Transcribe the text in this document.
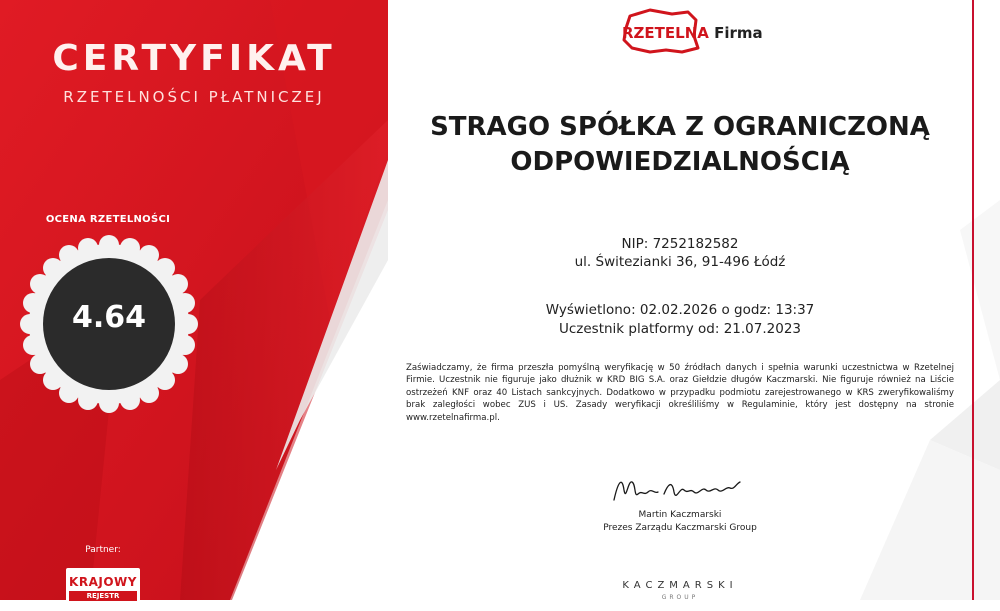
CERTYFIKAT
RZETELNOŚCI PŁATNICZEJ
OCENA RZETELNOŚCI
4.64
Partner:
KRAJOWY
REJESTR DŁUGÓW
RZETELNA Firma
STRAGO SPÓŁKA Z OGRANICZONĄ
ODPOWIEDZIALNOŚCIĄ
NIP: 7252182582
ul. Świtezianki 36, 91-496 Łódź
Wyświetlono: 02.02.2026 o godz: 13:37
Uczestnik platformy od: 21.07.2023
Zaświadczamy, że firma przeszła pomyślną weryfikację w 50 źródłach danych i spełnia warunki uczestnictwa w Rzetelnej Firmie. Uczestnik nie figuruje jako dłużnik w KRD BIG S.A. oraz Giełdzie długów Kaczmarski. Nie figuruje również na Liście ostrzeżeń KNF oraz 40 Listach sankcyjnych. Dodatkowo w przypadku podmiotu zarejestrowanego w KRS zweryfikowaliśmy brak zaległości wobec ZUS i US. Zasady weryfikacji określiliśmy w Regulaminie, który jest dostępny na stronie www.rzetelnafirma.pl.
Martin Kaczmarski
Prezes Zarządu Kaczmarski Group
KACZMARSKI
GROUP
